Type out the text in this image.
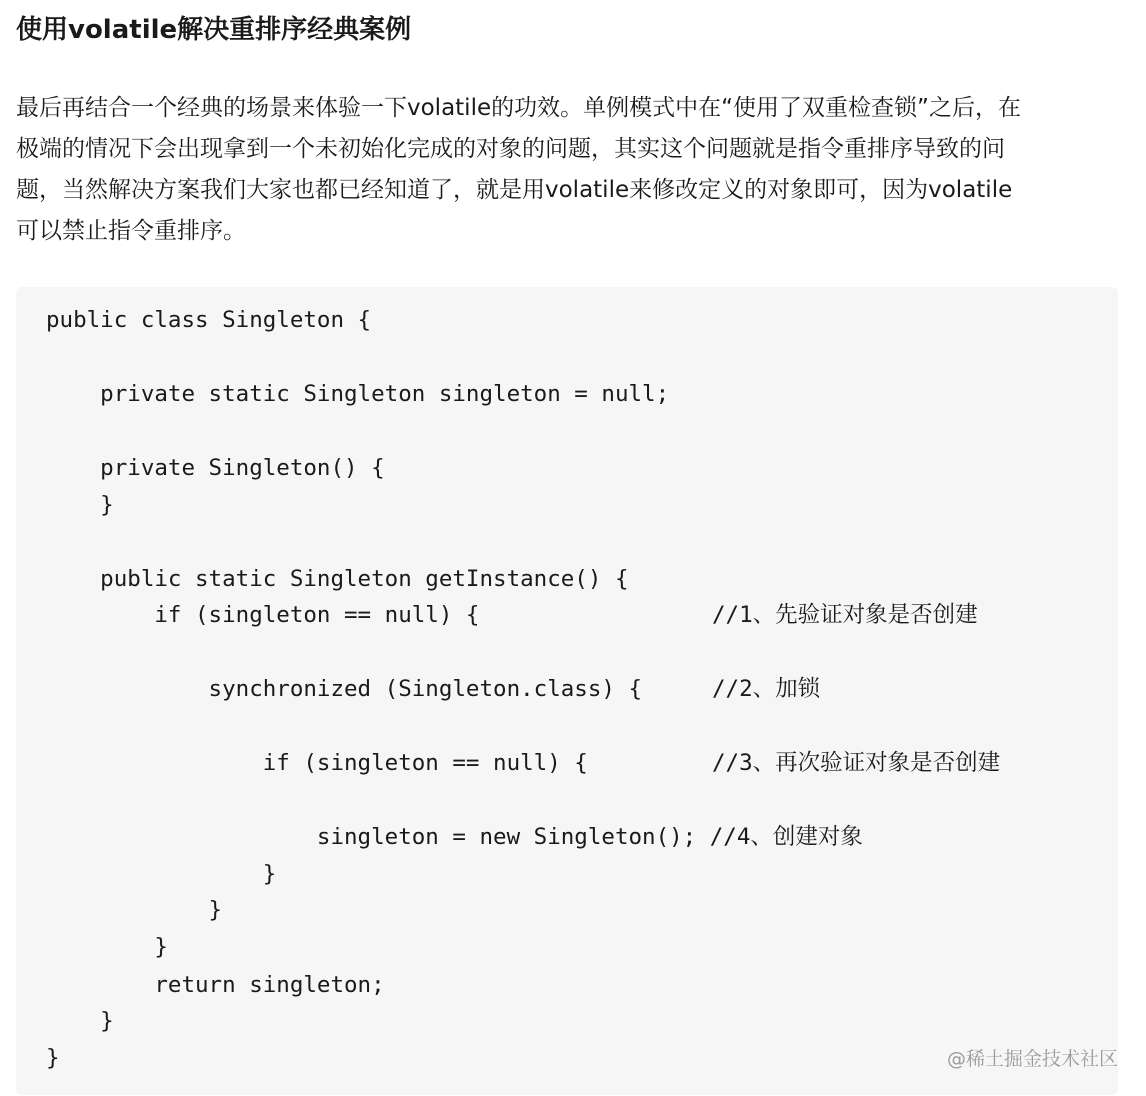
使用volatile解决重排序经典案例

最后再结合一个经典的场景来体验一下volatile的功效。单例模式中在“使用了双重检查锁”之后，在
极端的情况下会出现拿到一个未初始化完成的对象的问题，其实这个问题就是指令重排序导致的问
题，当然解决方案我们大家也都已经知道了，就是用volatile来修改定义的对象即可，因为volatile
可以禁止指令重排序。

public class Singleton {
private static Singleton singleton = null;
private Singleton() {
}
public static Singleton getInstance() {
if (singleton == null) {	//1、先验证对象是否创建
synchronized (Singleton.class) {	//2、加锁
if (singleton == null) {	//3、再次验证对象是否创建
singleton = new Singleton(); //4、创建对象
}
}
}
return singleton;
}
}	@稀土掘金技术社区
